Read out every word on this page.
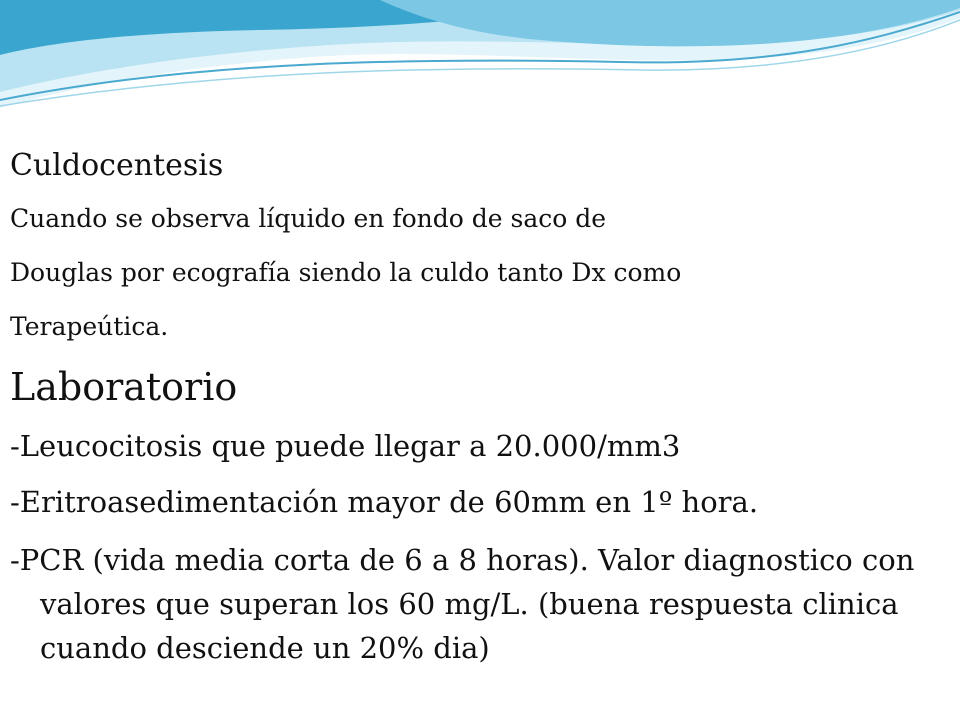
Culdocentesis

Cuando se observa líquido en fondo de saco de

Douglas por ecografía siendo la culdo tanto Dx como

Terapeútica.

Laboratorio

-Leucocitosis que puede llegar a 20.000/mm3

-Eritroasedimentación mayor de 60mm en 1º hora.

-PCR (vida media corta de 6 a 8 horas). Valor diagnostico con valores que superan los 60 mg/L. (buena respuesta clinica cuando desciende un 20% dia)
